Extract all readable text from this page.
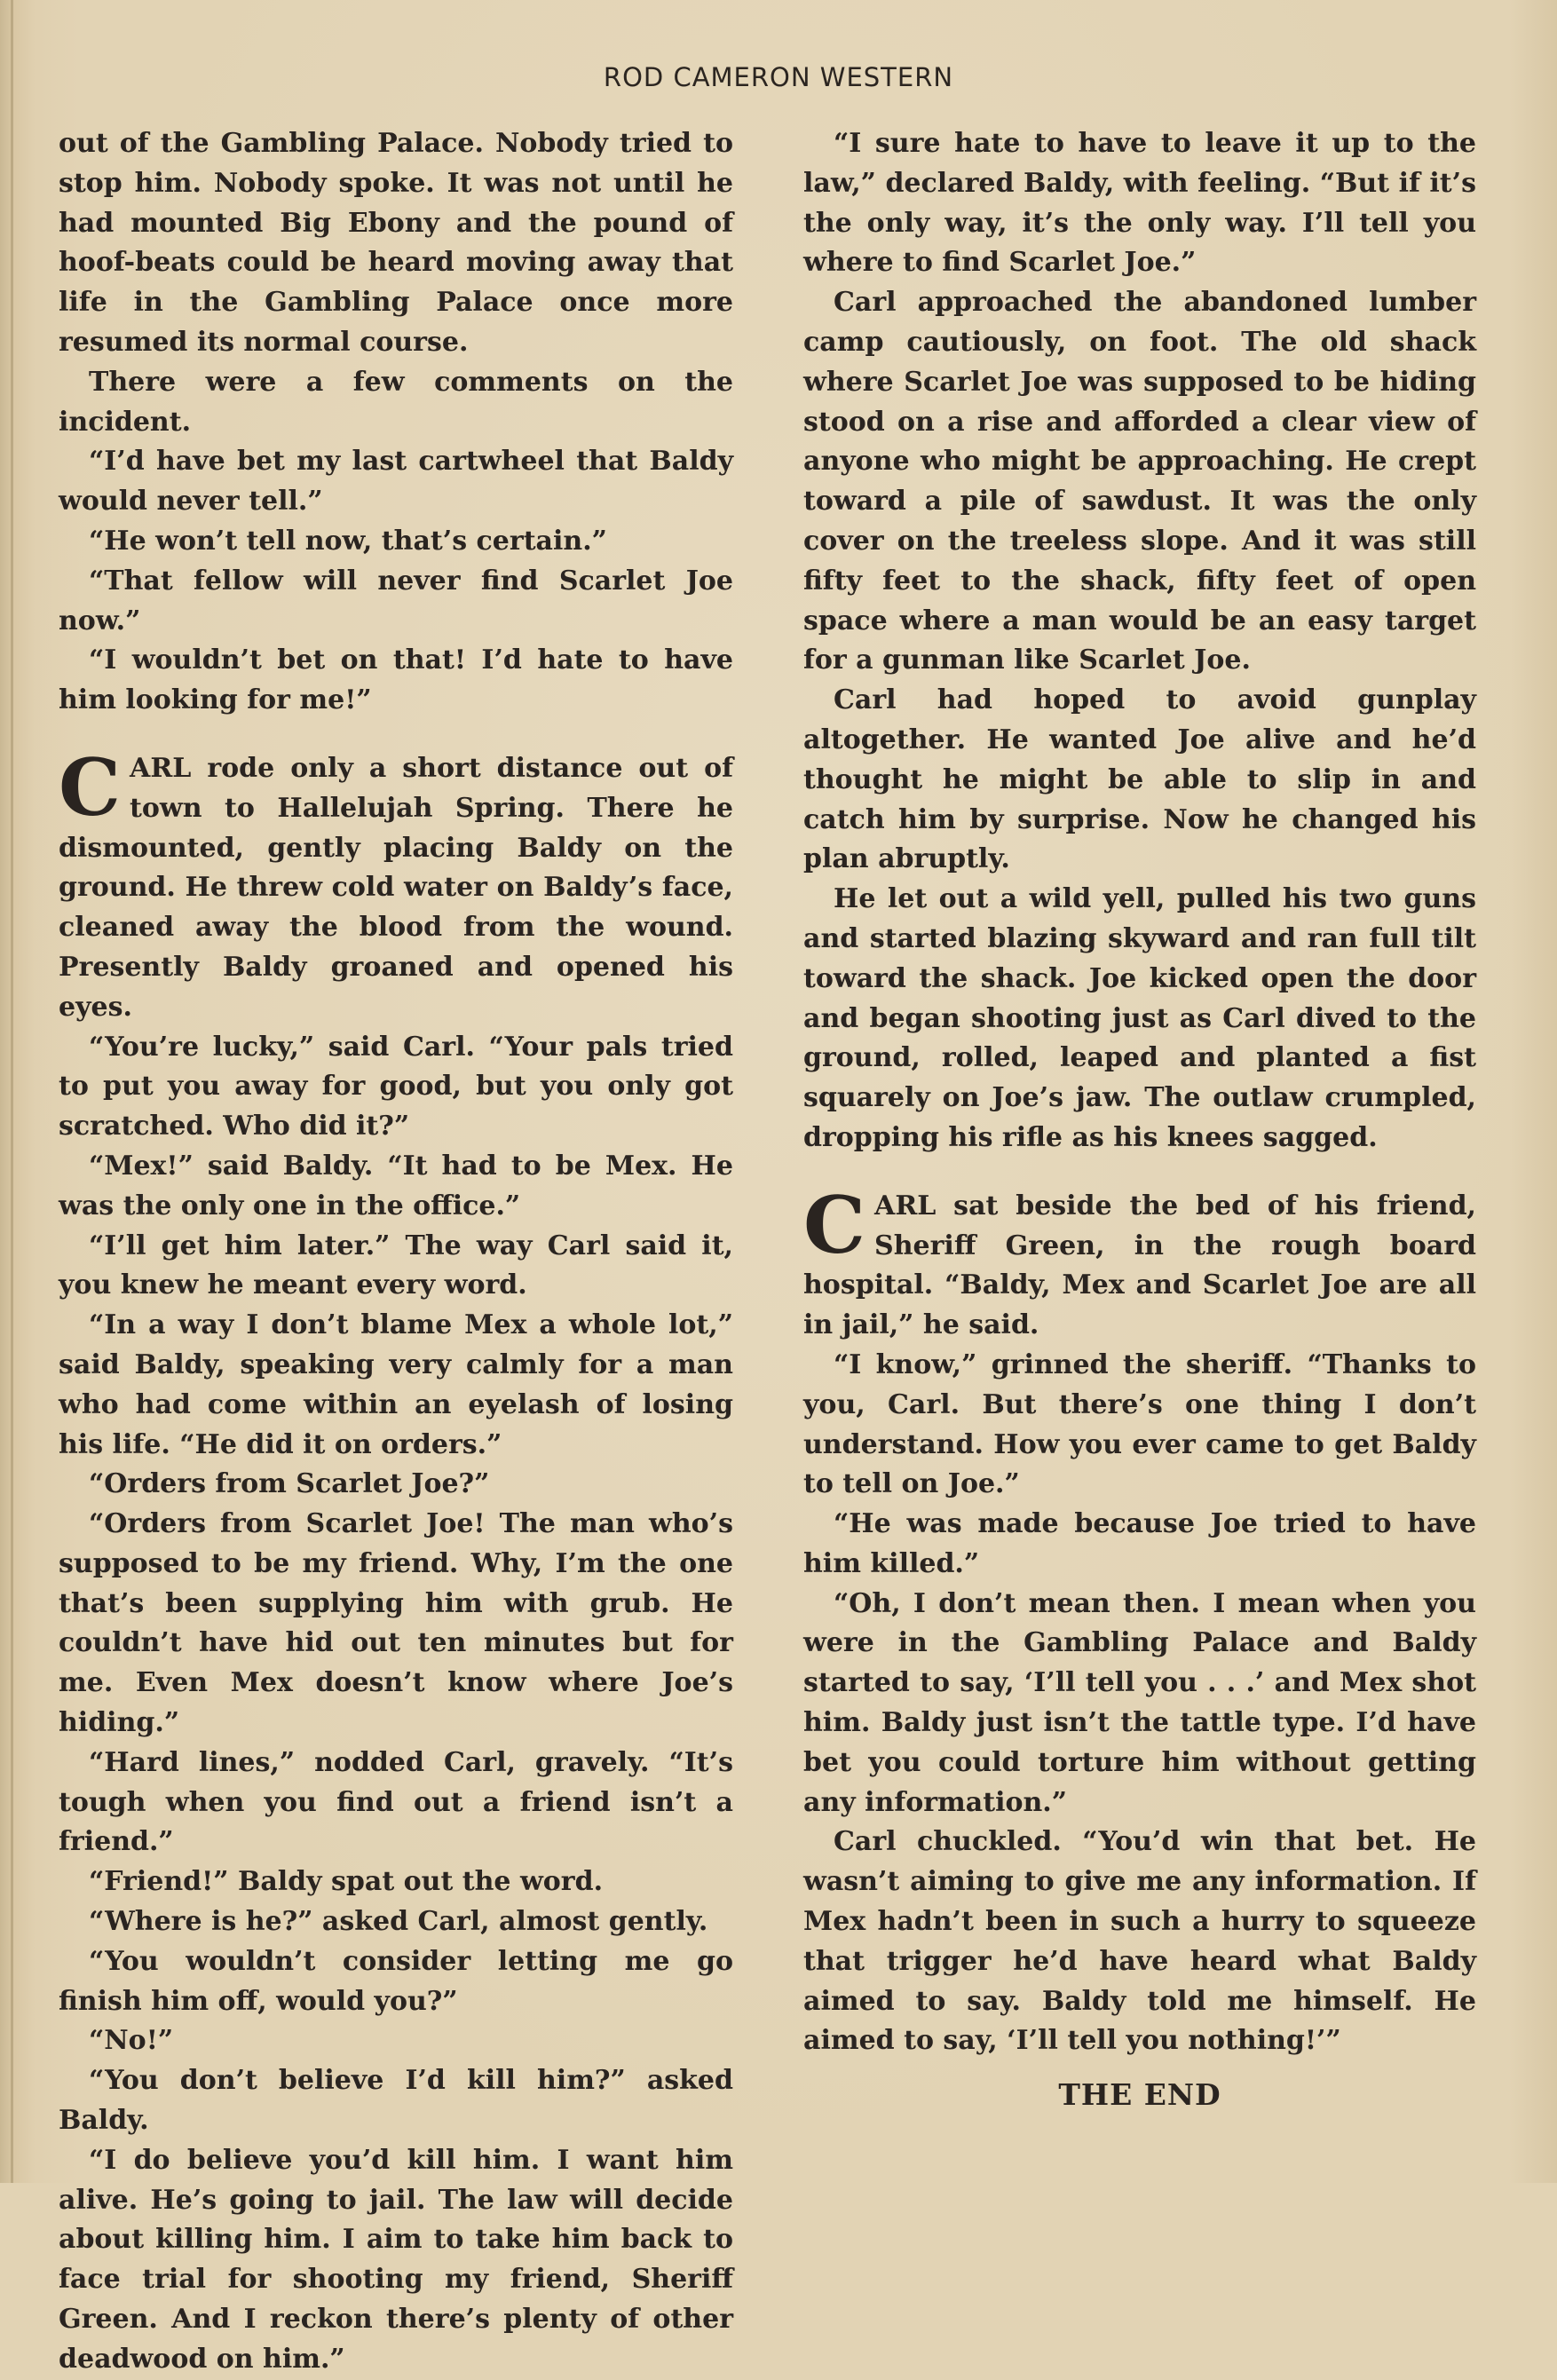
ROD CAMERON WESTERN

out of the Gambling Palace. Nobody tried to stop him. Nobody spoke. It was not until he had mounted Big Ebony and the pound of hoof-beats could be heard moving away that life in the Gambling Palace once more resumed its normal course.

There were a few comments on the incident.

“I’d have bet my last cartwheel that Baldy would never tell.”

“He won’t tell now, that’s certain.”

“That fellow will never find Scarlet Joe now.”

“I wouldn’t bet on that! I’d hate to have him looking for me!”

CARL rode only a short distance out of town to Hallelujah Spring. There he dismounted, gently placing Baldy on the ground. He threw cold water on Baldy’s face, cleaned away the blood from the wound. Presently Baldy groaned and opened his eyes.

“You’re lucky,” said Carl. “Your pals tried to put you away for good, but you only got scratched. Who did it?”

“Mex!” said Baldy. “It had to be Mex. He was the only one in the office.”

“I’ll get him later.” The way Carl said it, you knew he meant every word.

“In a way I don’t blame Mex a whole lot,” said Baldy, speaking very calmly for a man who had come within an eyelash of losing his life. “He did it on orders.”

“Orders from Scarlet Joe?”

“Orders from Scarlet Joe! The man who’s supposed to be my friend. Why, I’m the one that’s been supplying him with grub. He couldn’t have hid out ten minutes but for me. Even Mex doesn’t know where Joe’s hiding.”

“Hard lines,” nodded Carl, gravely. “It’s tough when you find out a friend isn’t a friend.”

“Friend!” Baldy spat out the word.

“Where is he?” asked Carl, almost gently.

“You wouldn’t consider letting me go finish him off, would you?”

“No!”

“You don’t believe I’d kill him?” asked Baldy.

“I do believe you’d kill him. I want him alive. He’s going to jail. The law will decide about killing him. I aim to take him back to face trial for shooting my friend, Sheriff Green. And I reckon there’s plenty of other deadwood on him.”

“I sure hate to have to leave it up to the law,” declared Baldy, with feeling. “But if it’s the only way, it’s the only way. I’ll tell you where to find Scarlet Joe.”

Carl approached the abandoned lumber camp cautiously, on foot. The old shack where Scarlet Joe was supposed to be hiding stood on a rise and afforded a clear view of anyone who might be approaching. He crept toward a pile of sawdust. It was the only cover on the treeless slope. And it was still fifty feet to the shack, fifty feet of open space where a man would be an easy target for a gunman like Scarlet Joe.

Carl had hoped to avoid gunplay altogether. He wanted Joe alive and he’d thought he might be able to slip in and catch him by surprise. Now he changed his plan abruptly.

He let out a wild yell, pulled his two guns and started blazing skyward and ran full tilt toward the shack. Joe kicked open the door and began shooting just as Carl dived to the ground, rolled, leaped and planted a fist squarely on Joe’s jaw. The outlaw crumpled, dropping his rifle as his knees sagged.

CARL sat beside the bed of his friend, Sheriff Green, in the rough board hospital. “Baldy, Mex and Scarlet Joe are all in jail,” he said.

“I know,” grinned the sheriff. “Thanks to you, Carl. But there’s one thing I don’t understand. How you ever came to get Baldy to tell on Joe.”

“He was made because Joe tried to have him killed.”

“Oh, I don’t mean then. I mean when you were in the Gambling Palace and Baldy started to say, ‘I’ll tell you . . .’ and Mex shot him. Baldy just isn’t the tattle type. I’d have bet you could torture him without getting any information.”

Carl chuckled. “You’d win that bet. He wasn’t aiming to give me any information. If Mex hadn’t been in such a hurry to squeeze that trigger he’d have heard what Baldy aimed to say. Baldy told me himself. He aimed to say, ‘I’ll tell you nothing!’”

THE END
